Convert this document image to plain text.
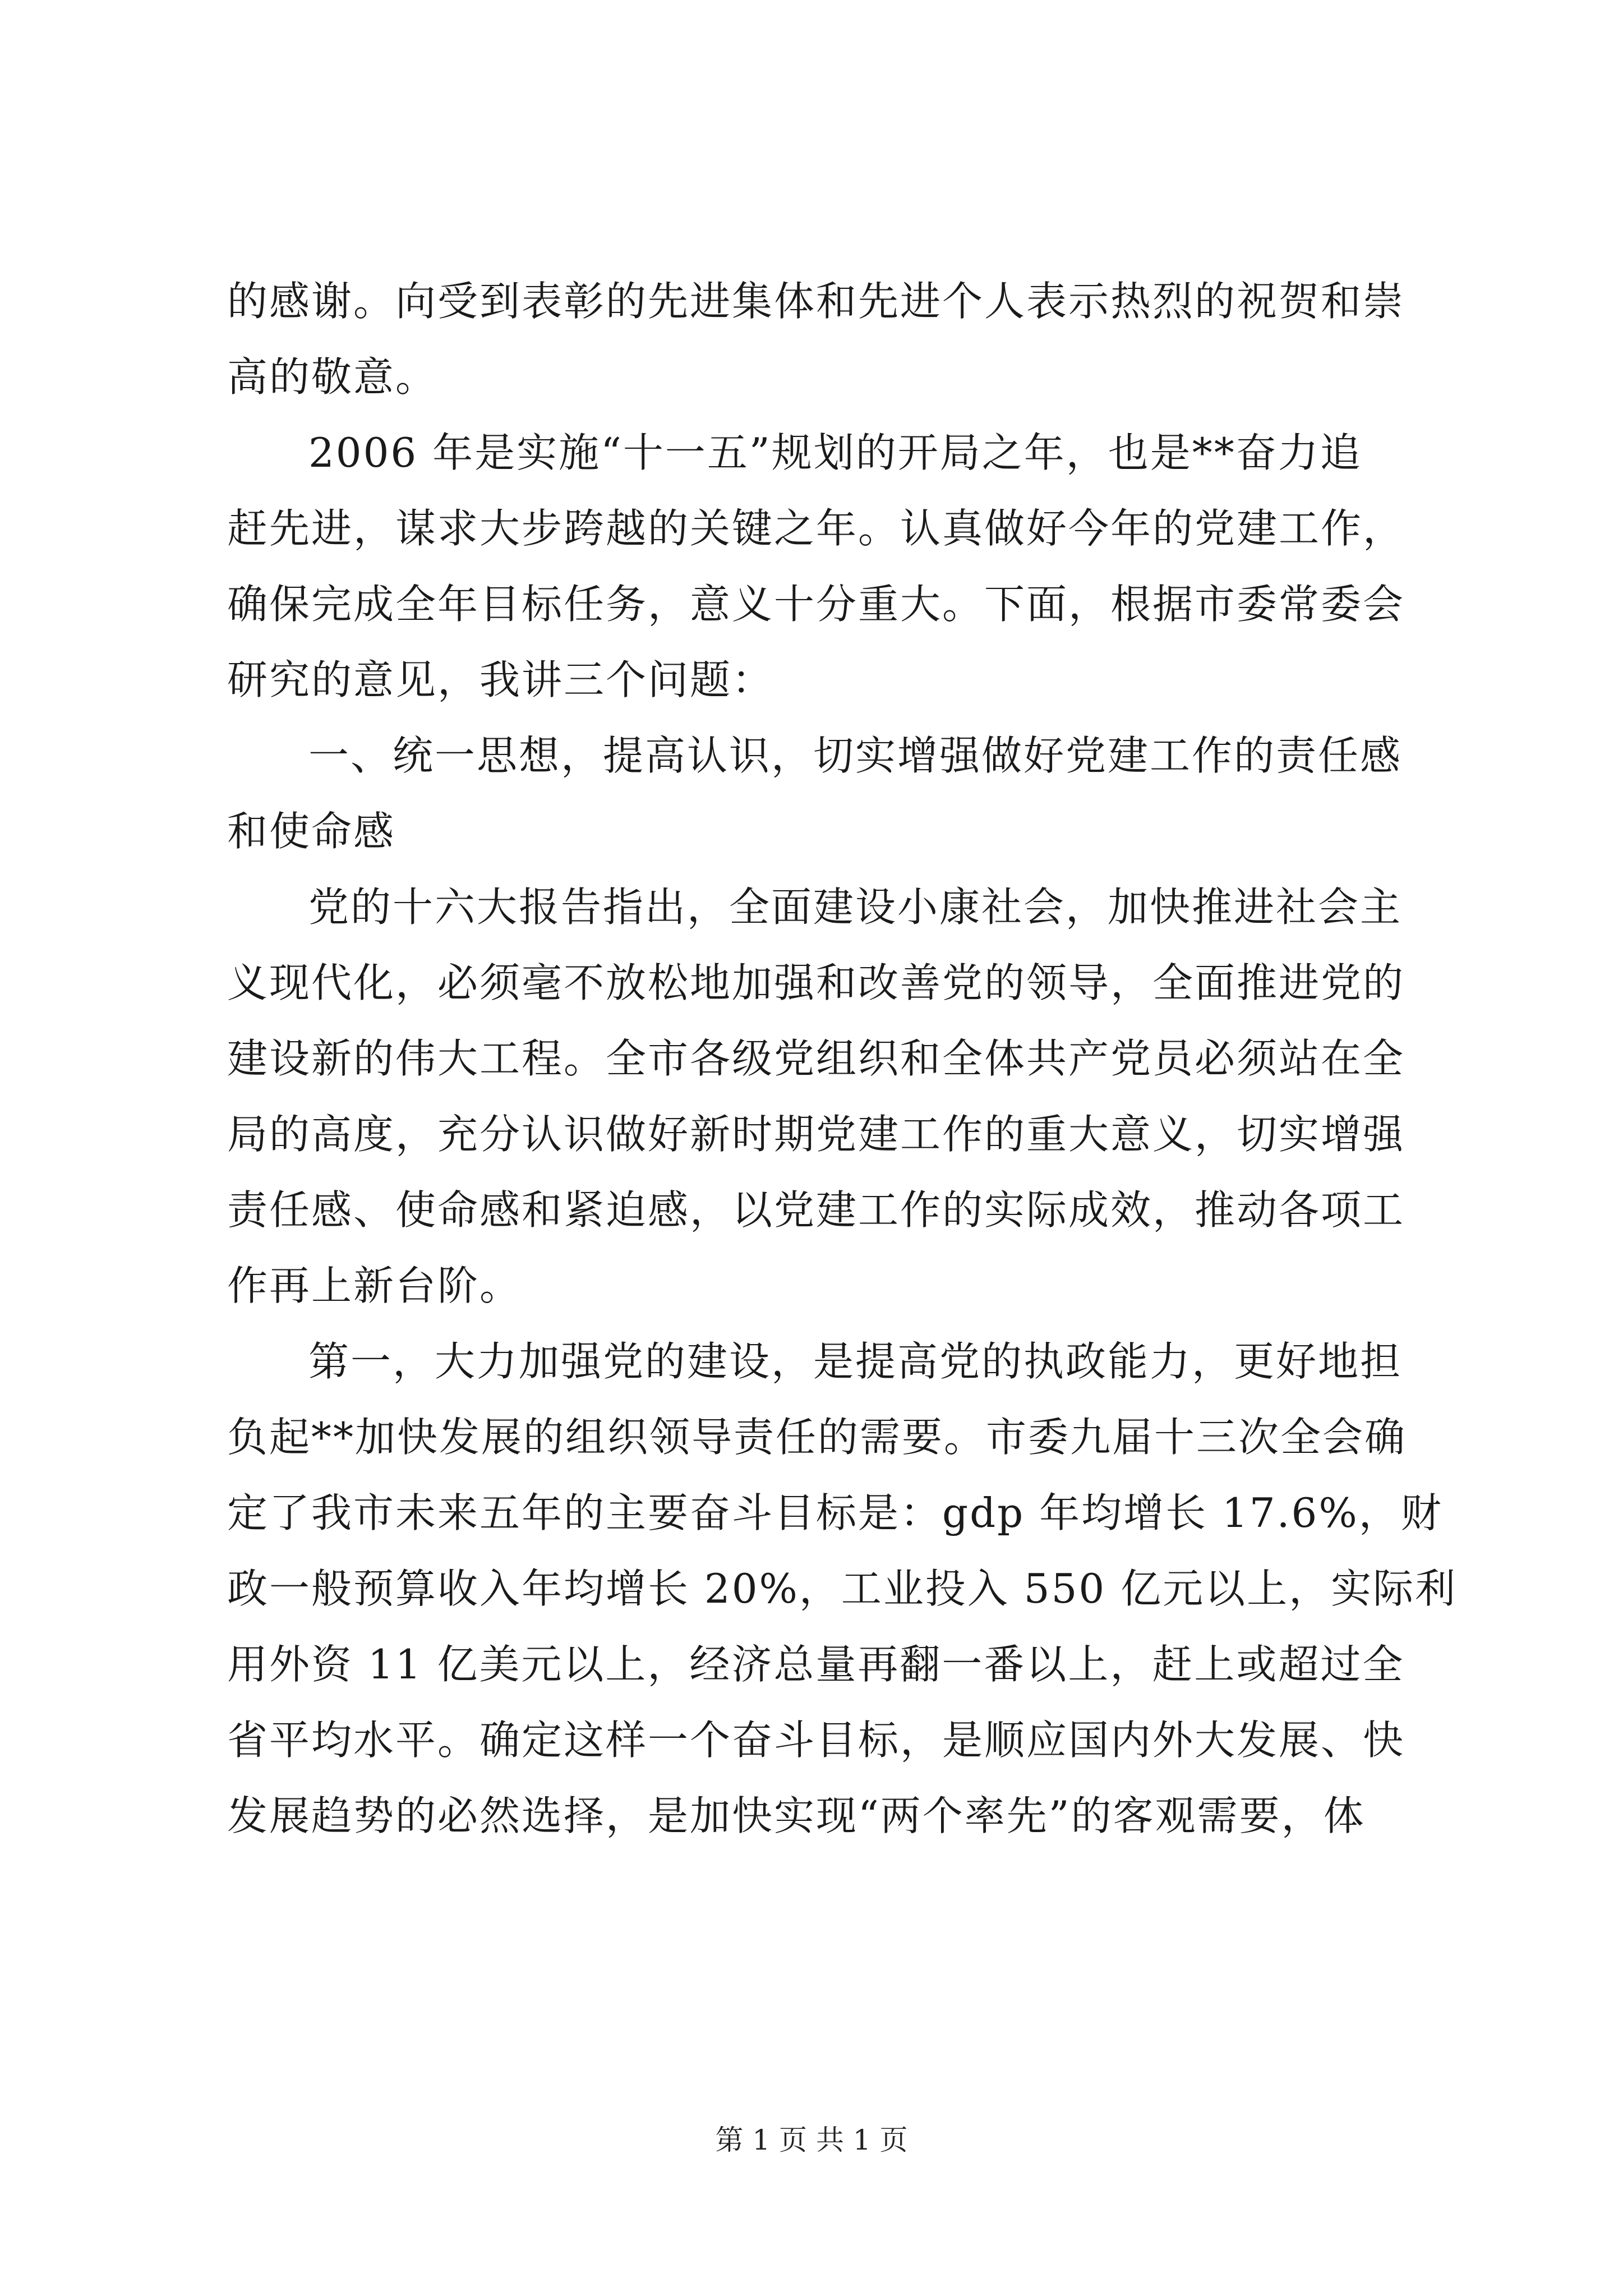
的感谢。向受到表彰的先进集体和先进个人表示热烈的祝贺和崇
高的敬意。
2006 年是实施“十一五”规划的开局之年，也是**奋力追
赶先进，谋求大步跨越的关键之年。认真做好今年的党建工作，
确保完成全年目标任务，意义十分重大。下面，根据市委常委会
研究的意见，我讲三个问题：
一、统一思想，提高认识，切实增强做好党建工作的责任感
和使命感
党的十六大报告指出，全面建设小康社会，加快推进社会主
义现代化，必须毫不放松地加强和改善党的领导，全面推进党的
建设新的伟大工程。全市各级党组织和全体共产党员必须站在全
局的高度，充分认识做好新时期党建工作的重大意义，切实增强
责任感、使命感和紧迫感，以党建工作的实际成效，推动各项工
作再上新台阶。
第一，大力加强党的建设，是提高党的执政能力，更好地担
负起**加快发展的组织领导责任的需要。市委九届十三次全会确
定了我市未来五年的主要奋斗目标是：gdp 年均增长 17.6%，财
政一般预算收入年均增长 20%，工业投入 550 亿元以上，实际利
用外资 11 亿美元以上，经济总量再翻一番以上，赶上或超过全
省平均水平。确定这样一个奋斗目标，是顺应国内外大发展、快
发展趋势的必然选择，是加快实现“两个率先”的客观需要，体
第 1 页 共 1 页
